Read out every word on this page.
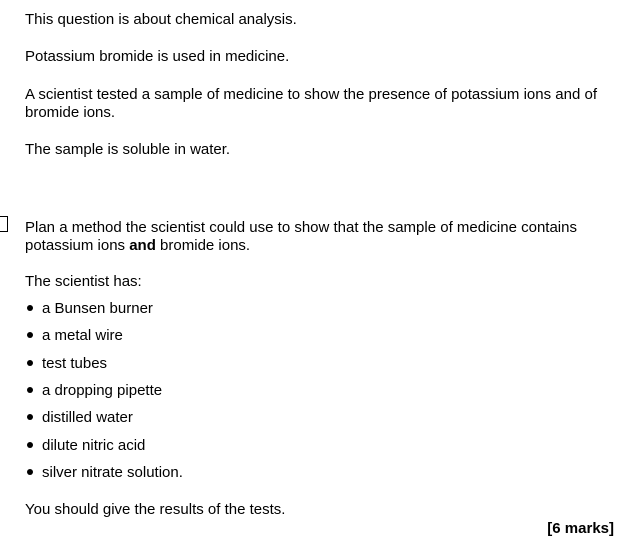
This question is about chemical analysis.

Potassium bromide is used in medicine.

A scientist tested a sample of medicine to show the presence of potassium ions and of bromide ions.

The sample is soluble in water.

Plan a method the scientist could use to show that the sample of medicine contains potassium ions and bromide ions.

The scientist has:

a Bunsen burner
a metal wire
test tubes
a dropping pipette
distilled water
dilute nitric acid
silver nitrate solution.

You should give the results of the tests.

[6 marks]
